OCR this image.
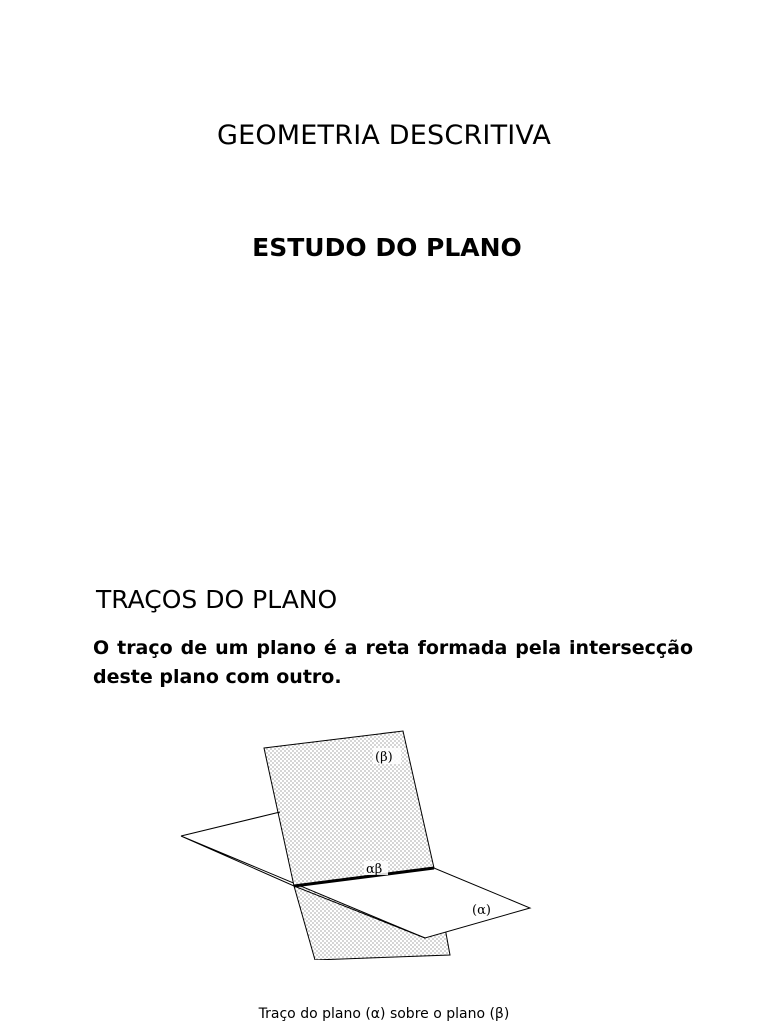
GEOMETRIA DESCRITIVA
ESTUDO DO PLANO
TRAÇOS DO PLANO

O traço de um plano é a reta formada pela intersecção deste plano com outro.

(β)
(α)
αβ

Traço do plano (α) sobre o plano (β)
